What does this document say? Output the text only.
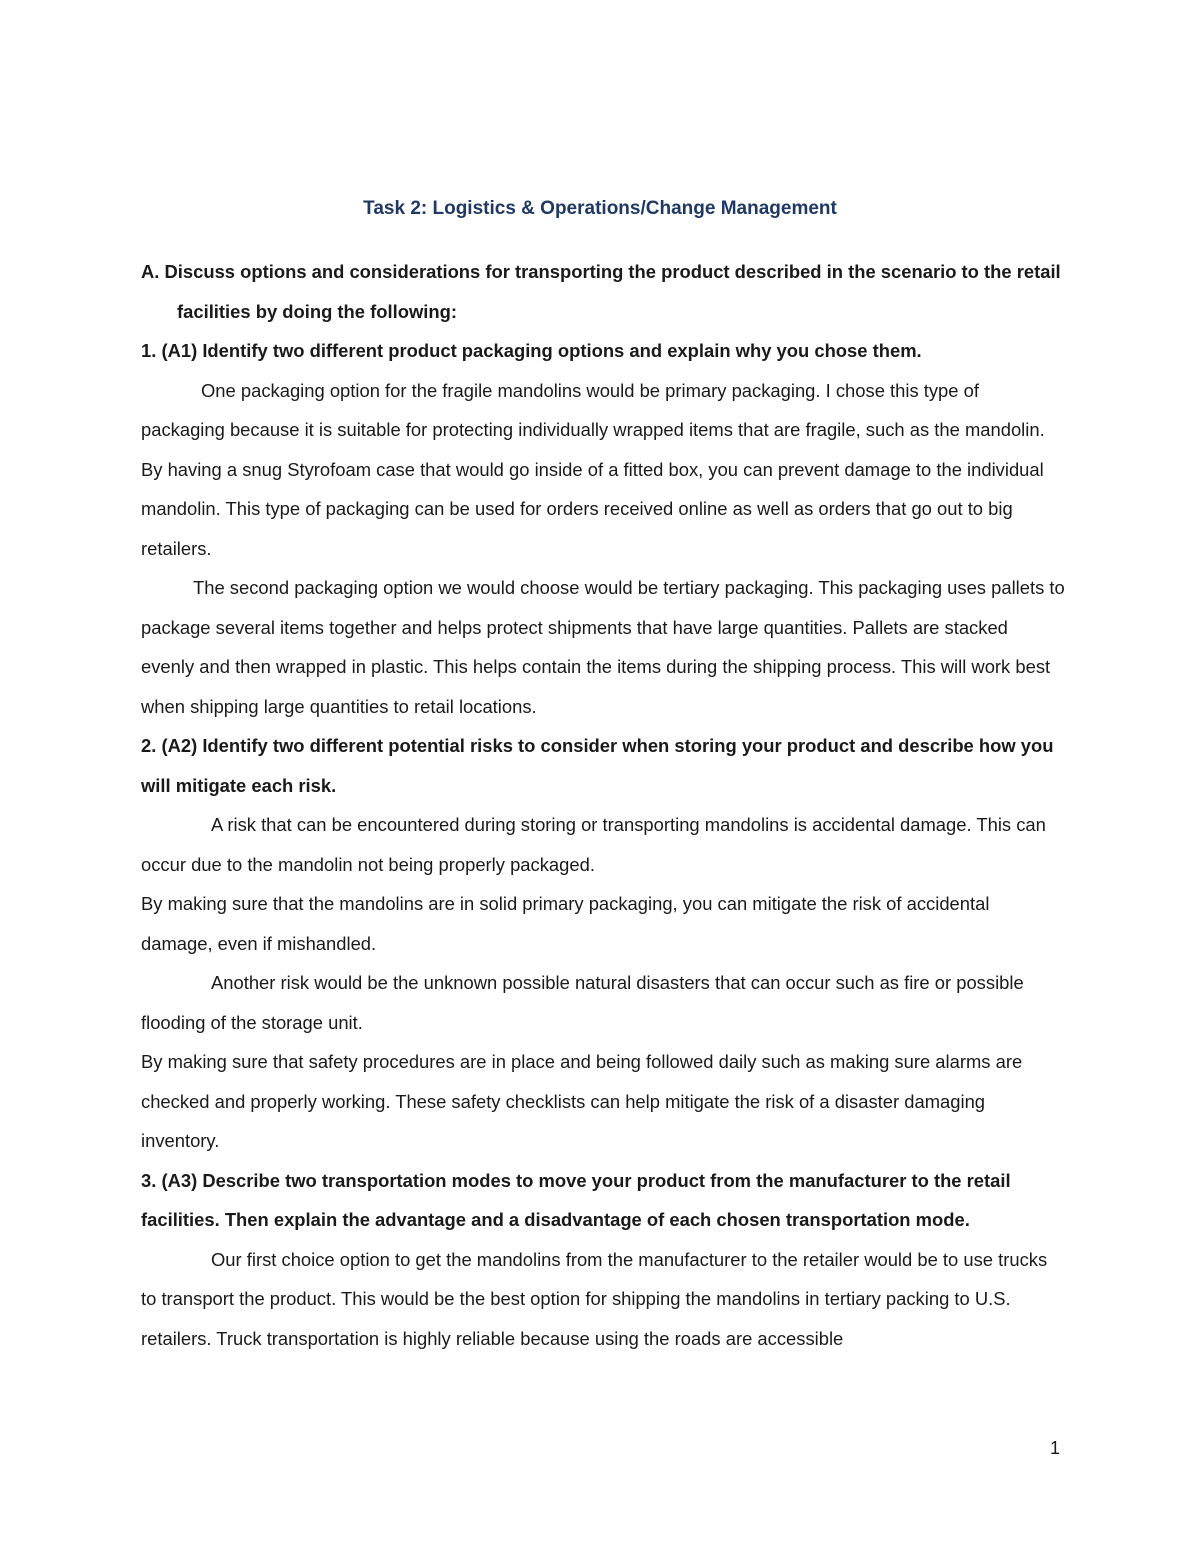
Task 2: Logistics & Operations/Change Management

A. Discuss options and considerations for transporting the product described in the scenario to the retail facilities by doing the following:

1. (A1) Identify two different product packaging options and explain why you chose them.

One packaging option for the fragile mandolins would be primary packaging. I chose this type of packaging because it is suitable for protecting individually wrapped items that are fragile, such as the mandolin. By having a snug Styrofoam case that would go inside of a fitted box, you can prevent damage to the individual mandolin. This type of packaging can be used for orders received online as well as orders that go out to big retailers.

The second packaging option we would choose would be tertiary packaging. This packaging uses pallets to package several items together and helps protect shipments that have large quantities. Pallets are stacked evenly and then wrapped in plastic. This helps contain the items during the shipping process. This will work best when shipping large quantities to retail locations.

2. (A2) Identify two different potential risks to consider when storing your product and describe how you will mitigate each risk.

A risk that can be encountered during storing or transporting mandolins is accidental damage. This can occur due to the mandolin not being properly packaged.

By making sure that the mandolins are in solid primary packaging, you can mitigate the risk of accidental damage, even if mishandled.

Another risk would be the unknown possible natural disasters that can occur such as fire or possible flooding of the storage unit.

By making sure that safety procedures are in place and being followed daily such as making sure alarms are checked and properly working. These safety checklists can help mitigate the risk of a disaster damaging inventory.

3. (A3) Describe two transportation modes to move your product from the manufacturer to the retail facilities. Then explain the advantage and a disadvantage of each chosen transportation mode.

Our first choice option to get the mandolins from the manufacturer to the retailer would be to use trucks to transport the product. This would be the best option for shipping the mandolins in tertiary packing to U.S. retailers. Truck transportation is highly reliable because using the roads are accessible

1
